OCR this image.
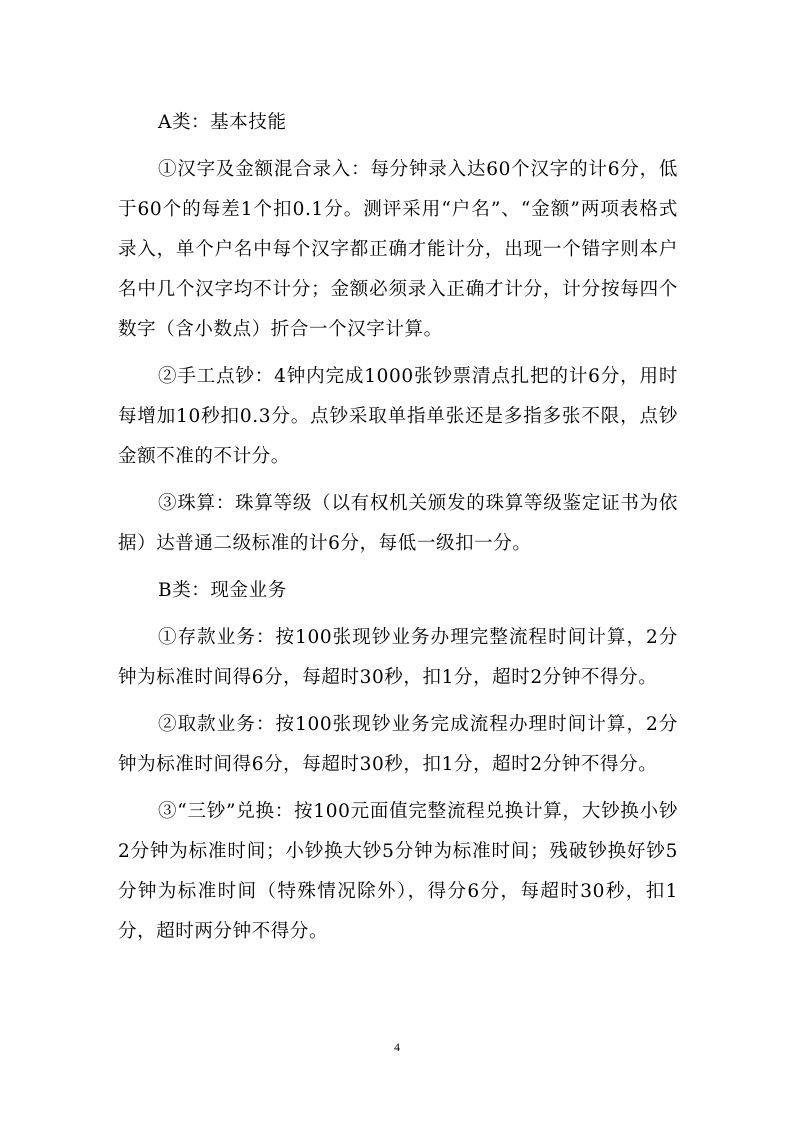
A类：基本技能

①汉字及金额混合录入：每分钟录入达60个汉字的计6分，低于60个的每差1个扣0.1分。测评采用“户名”、“金额”两项表格式录入，单个户名中每个汉字都正确才能计分，出现一个错字则本户名中几个汉字均不计分；金额必须录入正确才计分，计分按每四个数字（含小数点）折合一个汉字计算。

②手工点钞：4钟内完成1000张钞票清点扎把的计6分，用时每增加10秒扣0.3分。点钞采取单指单张还是多指多张不限，点钞金额不准的不计分。

③珠算：珠算等级（以有权机关颁发的珠算等级鉴定证书为依据）达普通二级标准的计6分，每低一级扣一分。

B类：现金业务

①存款业务：按100张现钞业务办理完整流程时间计算，2分钟为标准时间得6分，每超时30秒，扣1分，超时2分钟不得分。

②取款业务：按100张现钞业务完成流程办理时间计算，2分钟为标准时间得6分，每超时30秒，扣1分，超时2分钟不得分。

③“三钞”兑换：按100元面值完整流程兑换计算，大钞换小钞2分钟为标准时间；小钞换大钞5分钟为标准时间；残破钞换好钞5分钟为标准时间（特殊情况除外），得分6分，每超时30秒，扣1分，超时两分钟不得分。

4
